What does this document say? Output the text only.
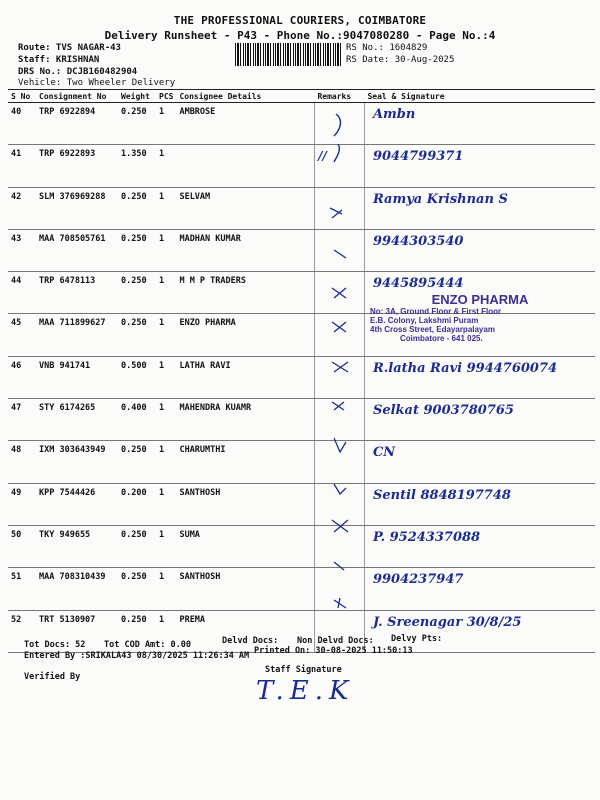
THE PROFESSIONAL COURIERS, COIMBATORE
Delivery Runsheet - P43 - Phone No.:9047080280 - Page No.:4
Route: TVS NAGAR-43
Staff: KRISHNAN
DRS No.: DCJB160482904
Vehicle: Two Wheeler Delivery
RS No.: 1604829
RS Date: 30-Aug-2025
S No	Consignment No	Weight	PCS	Consignee Details	Remarks	Seal & Signature
40	TRP 6922894	0.250	1	AMBROSE		Ambn
41	TRP 6922893	1.350	1		//	9044799371
42	SLM 376969288	0.250	1	SELVAM		Ramya Krishnan S
43	MAA 708505761	0.250	1	MADHAN KUMAR		9944303540
44	TRP 6478113	0.250	1	M M P TRADERS		9445895444
45	MAA 711899627	0.250	1	ENZO PHARMA		
46	VNB 941741	0.500	1	LATHA RAVI		R.latha Ravi 9944760074
47	STY 6174265	0.400	1	MAHENDRA KUAMR		Selkat 9003780765
48	IXM 303643949	0.250	1	CHARUMTHI		CN
49	KPP 7544426	0.200	1	SANTHOSH		Sentil 8848197748
50	TKY 949655	0.250	1	SUMA		P. 9524337088
51	MAA 708310439	0.250	1	SANTHOSH		9904237947
52	TRT 5130907	0.250	1	PREMA		J. Sreenagar 30/8/25
ENZO PHARMA
No: 3A, Ground Floor & First Floor
E.B. Colony, Lakshmi Puram
4th Cross Street, Edayarpalayam
Coimbatore - 641 025.
Tot Docs: 52 Tot COD Amt: 0.00	Delvd Docs: Non Delvd Docs: Delvy Pts:
Entered By :SRIKALA43 08/30/2025 11:26:34 AM Printed On: 30-08-2025 11:50:13
Staff Signature
Verified By	T.E.K
